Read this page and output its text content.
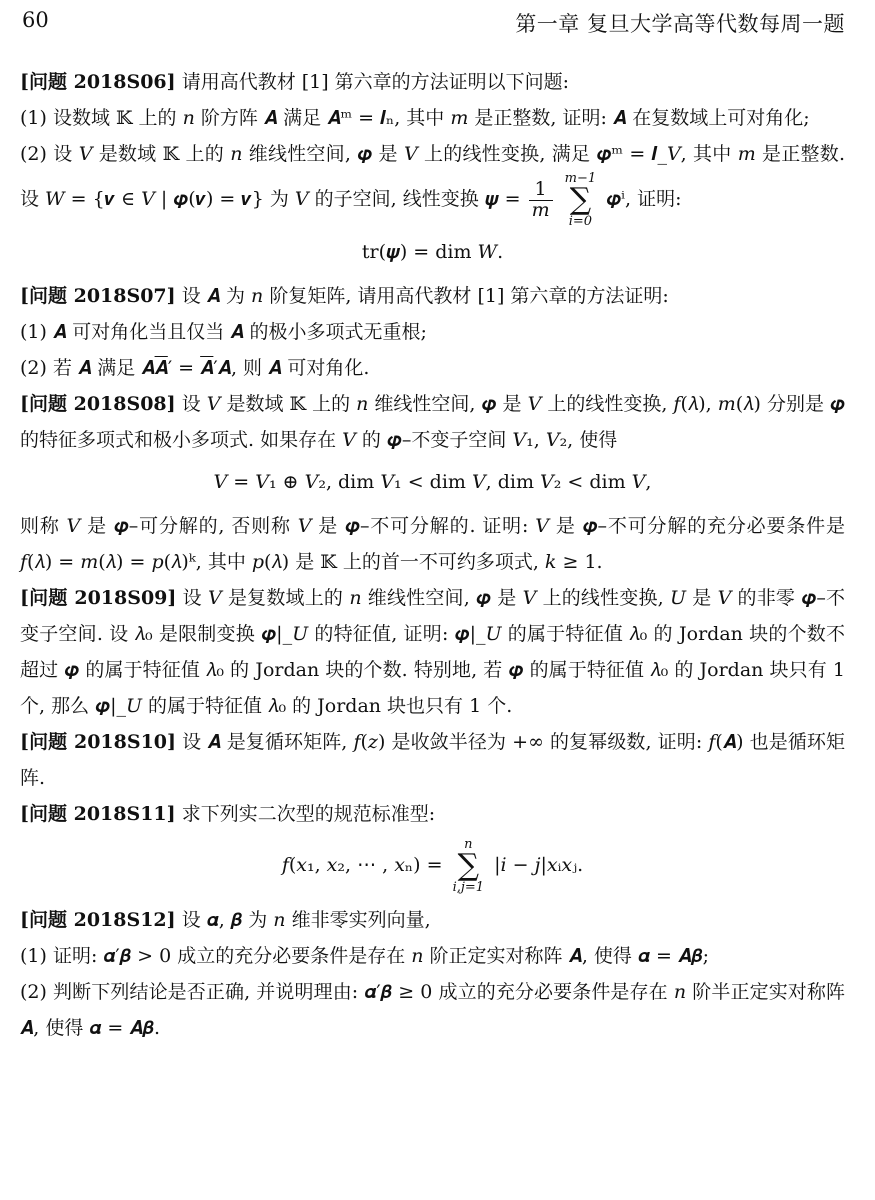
60	第一章 复旦大学高等代数每周一题

[问题 2018S06] 请用高代教材 [1] 第六章的方法证明以下问题:

(1) 设数域 𝕂 上的 𝑛 阶方阵 𝑨 满足 𝑨ᵐ = 𝑰ₙ, 其中 𝑚 是正整数, 证明: 𝑨 在复数域上可对角化;

(2) 设 𝑉 是数域 𝕂 上的 𝑛 维线性空间, 𝝋 是 𝑉 上的线性变换, 满足 𝝋ᵐ = 𝑰_𝑉, 其中 𝑚 是正整数. 设 𝑊 = {𝒗 ∈ 𝑉 | 𝝋(𝒗) = 𝒗} 为 𝑉 的子空间, 线性变换 𝝍 = $\frac{1}{m}$

m−1
∑
i=0
𝝋ⁱ, 证明:

tr(𝝍) = dim 𝑊.

[问题 2018S07] 设 𝑨 为 𝑛 阶复矩阵, 请用高代教材 [1] 第六章的方法证明:

(1) 𝑨 可对角化当且仅当 𝑨 的极小多项式无重根;

(2) 若 𝑨 满足 𝑨𝑨′ = 𝑨′𝑨, 则 𝑨 可对角化.

[问题 2018S08] 设 𝑉 是数域 𝕂 上的 𝑛 维线性空间, 𝝋 是 𝑉 上的线性变换, 𝑓(𝜆), 𝑚(𝜆) 分别是 𝝋 的特征多项式和极小多项式. 如果存在 𝑉 的 𝝋–不变子空间 𝑉₁, 𝑉₂, 使得

𝑉 = 𝑉₁ ⊕ 𝑉₂, dim 𝑉₁ < dim 𝑉, dim 𝑉₂ < dim 𝑉,

则称 𝑉 是 𝝋–可分解的, 否则称 𝑉 是 𝝋–不可分解的. 证明: 𝑉 是 𝝋–不可分解的充分必要条件是 𝑓(𝜆) = 𝑚(𝜆) = 𝑝(𝜆)ᵏ, 其中 𝑝(𝜆) 是 𝕂 上的首一不可约多项式, 𝑘 ≥ 1.

[问题 2018S09] 设 𝑉 是复数域上的 𝑛 维线性空间, 𝝋 是 𝑉 上的线性变换, 𝑈 是 𝑉 的非零 𝝋–不变子空间. 设 𝜆₀ 是限制变换 𝝋|_𝑈 的特征值, 证明: 𝝋|_𝑈 的属于特征值 𝜆₀ 的 Jordan 块的个数不超过 𝝋 的属于特征值 𝜆₀ 的 Jordan 块的个数. 特别地, 若 𝝋 的属于特征值 𝜆₀ 的 Jordan 块只有 1 个, 那么 𝝋|_𝑈 的属于特征值 𝜆₀ 的 Jordan 块也只有 1 个.

[问题 2018S10] 设 𝑨 是复循环矩阵, 𝑓(𝑧) 是收敛半径为 +∞ 的复幂级数, 证明: 𝑓(𝑨) 也是循环矩阵.

[问题 2018S11] 求下列实二次型的规范标准型:

𝑓(𝑥₁, 𝑥₂, ⋯ , 𝑥ₙ) =
n
∑
i,j=1
|𝑖 − 𝑗|𝑥ᵢ𝑥ⱼ.

[问题 2018S12] 设 𝜶, 𝜷 为 𝑛 维非零实列向量,

(1) 证明: 𝜶′𝜷 > 0 成立的充分必要条件是存在 𝑛 阶正定实对称阵 𝑨, 使得 𝜶 = 𝑨𝜷;

(2) 判断下列结论是否正确, 并说明理由: 𝜶′𝜷 ≥ 0 成立的充分必要条件是存在 𝑛 阶半正定实对称阵 𝑨, 使得 𝜶 = 𝑨𝜷.
